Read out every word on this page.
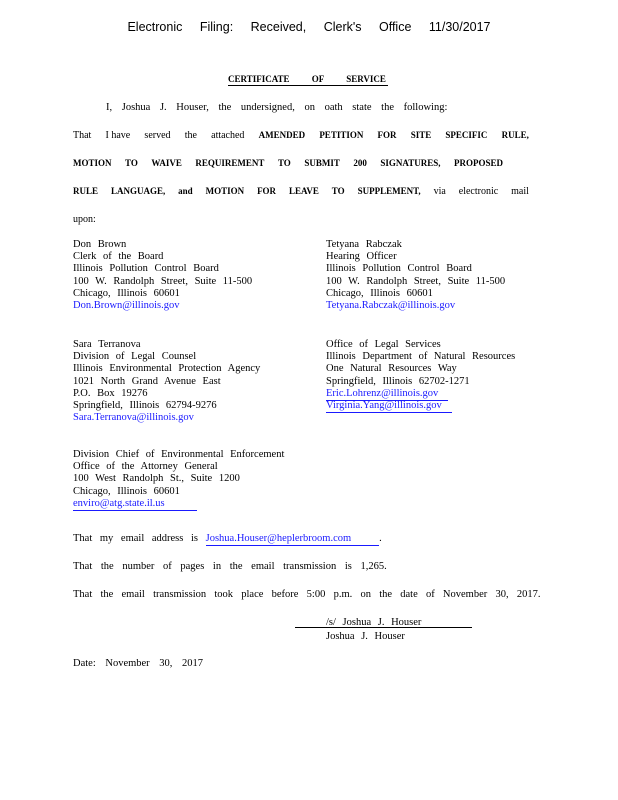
Electronic Filing: Received, Clerk's Office 11/30/2017
CERTIFICATE OF SERVICE
I, Joshua J. Houser, the undersigned, on oath state the following:
That I have served the attached AMENDED PETITION FOR SITE SPECIFIC RULE,
MOTION TO WAIVE REQUIREMENT TO SUBMIT 200 SIGNATURES, PROPOSED
RULE LANGUAGE, and MOTION FOR LEAVE TO SUPPLEMENT, via electronic mail
upon:
Don Brown
Clerk of the Board
Illinois Pollution Control Board
100 W. Randolph Street, Suite 11-500
Chicago, Illinois 60601
Don.Brown@illinois.gov
Sara Terranova
Division of Legal Counsel
Illinois Environmental Protection Agency
1021 North Grand Avenue East
P.O. Box 19276
Springfield, Illinois 62794-9276
Sara.Terranova@illinois.gov
Division Chief of Environmental Enforcement
Office of the Attorney General
100 West Randolph St., Suite 1200
Chicago, Illinois 60601
enviro@atg.state.il.us
Tetyana Rabczak
Hearing Officer
Illinois Pollution Control Board
100 W. Randolph Street, Suite 11-500
Chicago, Illinois 60601
Tetyana.Rabczak@illinois.gov
Office of Legal Services
Illinois Department of Natural Resources
One Natural Resources Way
Springfield, Illinois 62702-1271
Eric.Lohrenz@illinois.gov
Virginia.Yang@illinois.gov
That my email address is Joshua.Houser@heplerbroom.com	.
That the number of pages in the email transmission is 1,265.
That the email transmission took place before 5:00 p.m. on the date of November 30, 2017.
/s/ Joshua J. Houser
Joshua J. Houser
Date: November 30, 2017
